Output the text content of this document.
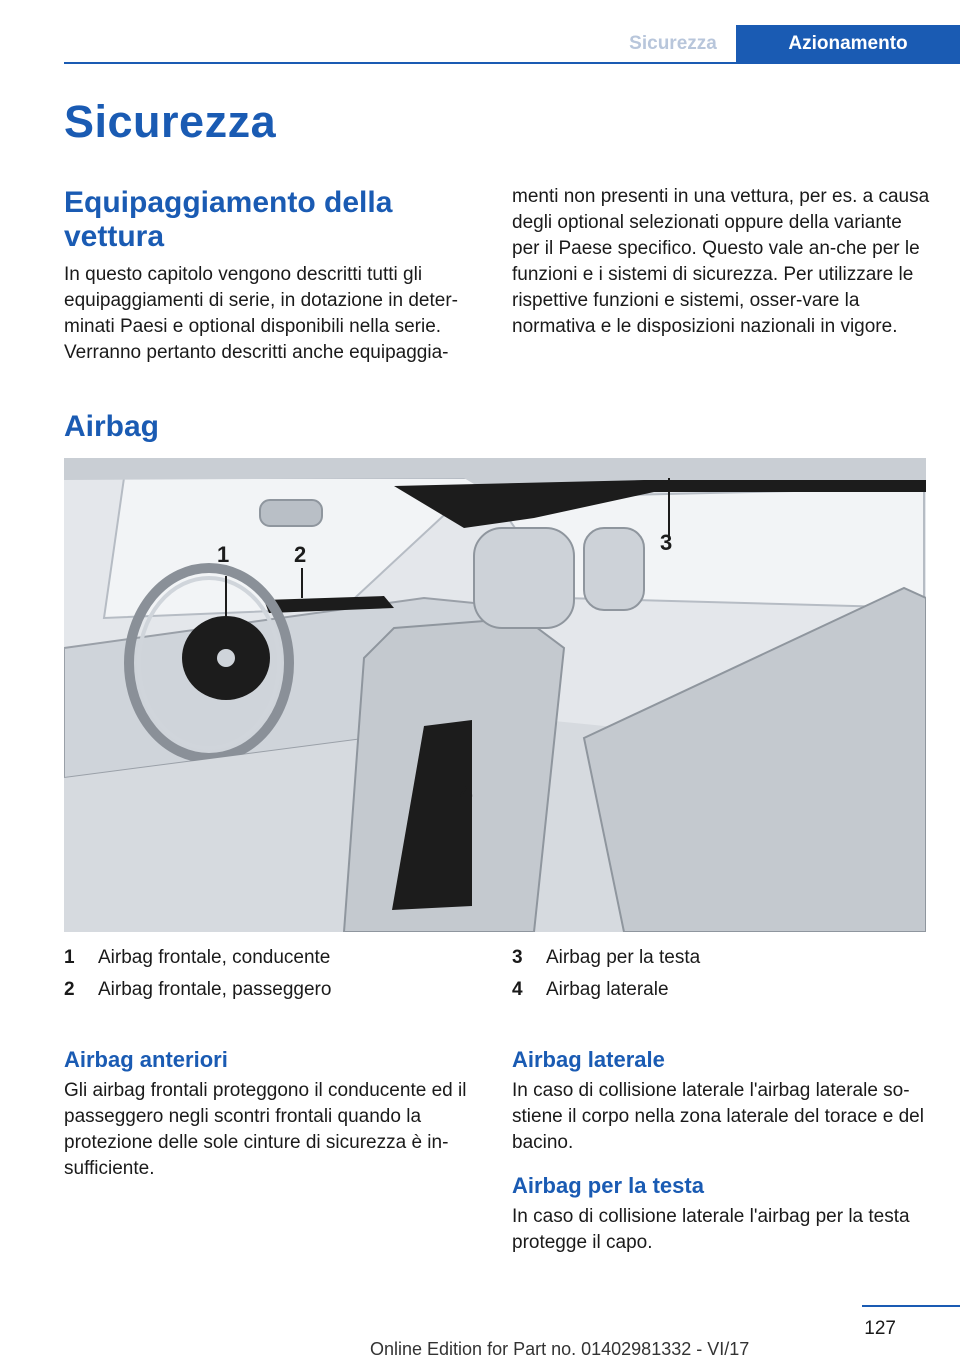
Sicurezza	Azionamento
Sicurezza
Equipaggiamento della vettura

In questo capitolo vengono descritti tutti gli equipaggiamenti di serie, in dotazione in deter-minati Paesi e optional disponibili nella serie. Verranno pertanto descritti anche equipaggia-

menti non presenti in una vettura, per es. a causa degli optional selezionati oppure della variante per il Paese specifico. Questo vale an-che per le funzioni e i sistemi di sicurezza. Per utilizzare le rispettive funzioni e sistemi, osser-vare la normativa e le disposizioni nazionali in vigore.

Airbag
1	2	3
4
1	Airbag frontale, conducente
2	Airbag frontale, passeggero
3	Airbag per la testa
4	Airbag laterale
Airbag anteriori

Gli airbag frontali proteggono il conducente ed il passeggero negli scontri frontali quando la protezione delle sole cinture di sicurezza è in-sufficiente.

Airbag laterale

In caso di collisione laterale l'airbag laterale so-stiene il corpo nella zona laterale del torace e del bacino.

Airbag per la testa

In caso di collisione laterale l'airbag per la testa protegge il capo.

127
Online Edition for Part no. 01402981332 - VI/17
